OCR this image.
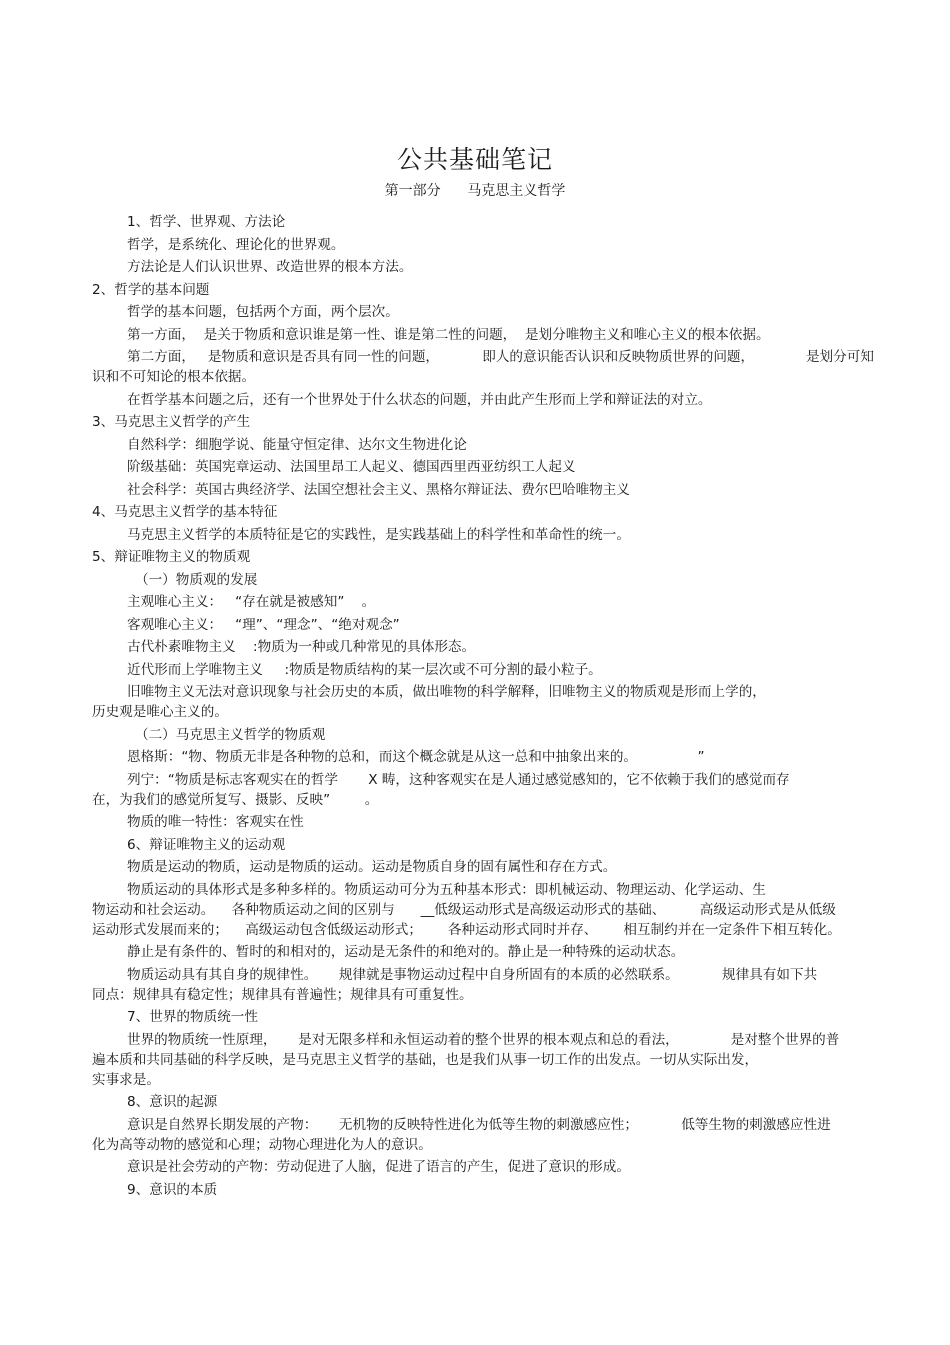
公共基础笔记
第一部分      马克思主义哲学
1、哲学、世界观、方法论
哲学，是系统化、理论化的世界观。
方法论是人们认识世界、改造世界的根本方法。
2、哲学的基本问题
哲学的基本问题，包括两个方面，两个层次。
第一方面，  是关于物质和意识谁是第一性、谁是第二性的问题，  是划分唯物主义和唯心主义的根本依据。
第二方面，   是物质和意识是否具有同一性的问题，          即人的意识能否认识和反映物质世界的问题，            是划分可知
识和不可知论的根本依据。
在哲学基本问题之后，还有一个世界处于什么状态的问题，并由此产生形而上学和辩证法的对立。
3、马克思主义哲学的产生
自然科学：细胞学说、能量守恒定律、达尔文生物进化论
阶级基础：英国宪章运动、法国里昂工人起义、德国西里西亚纺织工人起义
社会科学：英国古典经济学、法国空想社会主义、黑格尔辩证法、费尔巴哈唯物主义
4、马克思主义哲学的基本特征
马克思主义哲学的本质特征是它的实践性，是实践基础上的科学性和革命性的统一。
5、辩证唯物主义的物质观
（一）物质观的发展
主观唯心主义：   “存在就是被感知”    。
客观唯心主义：   “理”、“理念”、“绝对观念”
古代朴素唯物主义    :物质为一种或几种常见的具体形态。
近代形而上学唯物主义     :物质是物质结构的某一层次或不可分割的最小粒子。
旧唯物主义无法对意识现象与社会历史的本质，做出唯物的科学解释，旧唯物主义的物质观是形而上学的，
历史观是唯心主义的。
（二）马克思主义哲学的物质观
恩格斯：“物、物质无非是各种物的总和，而这个概念就是从这一总和中抽象出来的。              ”
列宁：“物质是标志客观实在的哲学       X 畴，这种客观实在是人通过感觉感知的，它不依赖于我们的感觉而存
在，为我们的感觉所复写、摄影、反映”        。
物质的唯一特性：客观实在性
6、辩证唯物主义的运动观
物质是运动的物质，运动是物质的运动。运动是物质自身的固有属性和存在方式。
物质运动的具体形式是多种多样的。物质运动可分为五种基本形式：即机械运动、物理运动、化学运动、生
物运动和社会运动。    各种物质运动之间的区别与      __低级运动形式是高级运动形式的基础、        高级运动形式是从低级
运动形式发展而来的；    高级运动包含低级运动形式；      各种运动形式同时并存、      相互制约并在一定条件下相互转化。
静止是有条件的、暂时的和相对的，运动是无条件的和绝对的。静止是一种特殊的运动状态。
物质运动具有其自身的规律性。     规律就是事物运动过程中自身所固有的本质的必然联系。          规律具有如下共
同点：规律具有稳定性；规律具有普遍性；规律具有可重复性。
7、世界的物质统一性
世界的物质统一性原理，     是对无限多样和永恒运动着的整个世界的根本观点和总的看法，            是对整个世界的普
遍本质和共同基础的科学反映，是马克思主义哲学的基础，也是我们从事一切工作的出发点。一切从实际出发，
实事求是。
8、意识的起源
意识是自然界长期发展的产物：     无机物的反映特性进化为低等生物的刺激感应性；          低等生物的刺激感应性进
化为高等动物的感觉和心理；动物心理进化为人的意识。
意识是社会劳动的产物：劳动促进了人脑，促进了语言的产生，促进了意识的形成。
9、意识的本质
